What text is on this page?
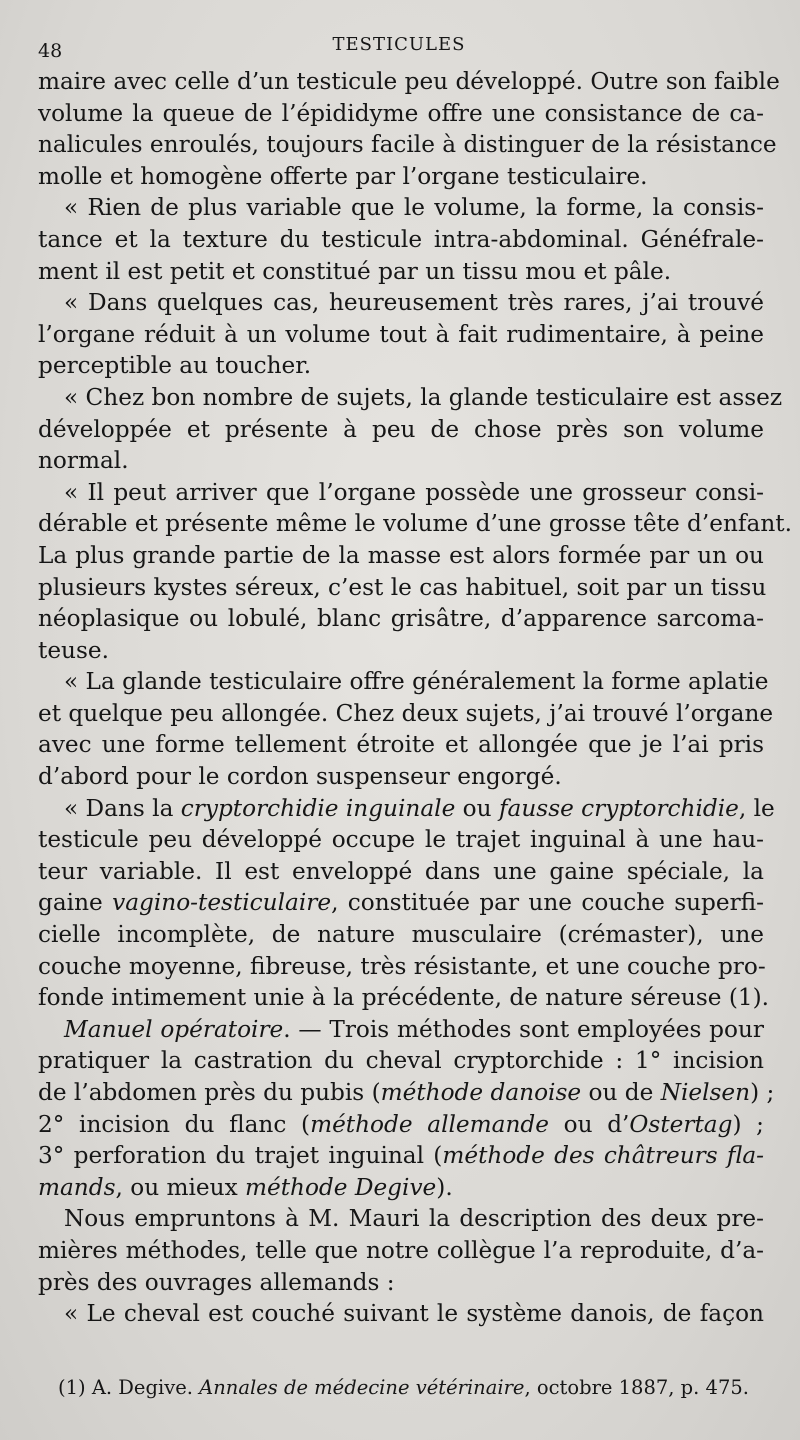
48	TESTICULES
maire avec celle d’un testicule peu développé. Outre son faible
volume la queue de l’épididyme offre une consistance de ca-
nalicules enroulés, toujours facile à distinguer de la résistance
molle et homogène offerte par l’organe testiculaire.
« Rien de plus variable que le volume, la forme, la consis-
tance et la texture du testicule intra-abdominal. Généfrale-
ment il est petit et constitué par un tissu mou et pâle.
« Dans quelques cas, heureusement très rares, j’ai trouvé
l’organe réduit à un volume tout à fait rudimentaire, à peine
perceptible au toucher.
« Chez bon nombre de sujets, la glande testiculaire est assez
développée et présente à peu de chose près son volume
normal.
« Il peut arriver que l’organe possède une grosseur consi-
dérable et présente même le volume d’une grosse tête d’enfant.
La plus grande partie de la masse est alors formée par un ou
plusieurs kystes séreux, c’est le cas habituel, soit par un tissu
néoplasique ou lobulé, blanc grisâtre, d’apparence sarcoma-
teuse.
« La glande testiculaire offre généralement la forme aplatie
et quelque peu allongée. Chez deux sujets, j’ai trouvé l’organe
avec une forme tellement étroite et allongée que je l’ai pris
d’abord pour le cordon suspenseur engorgé.
« Dans la cryptorchidie inguinale ou fausse cryptorchidie, le
testicule peu développé occupe le trajet inguinal à une hau-
teur variable. Il est enveloppé dans une gaine spéciale, la
gaine vagino-testiculaire, constituée par une couche superfi-
cielle incomplète, de nature musculaire (crémaster), une
couche moyenne, fibreuse, très résistante, et une couche pro-
fonde intimement unie à la précédente, de nature séreuse (1).
Manuel opératoire. — Trois méthodes sont employées pour
pratiquer la castration du cheval cryptorchide : 1° incision
de l’abdomen près du pubis (méthode danoise ou de Nielsen) ;
2° incision du flanc (méthode allemande ou d’Ostertag) ;
3° perforation du trajet inguinal (méthode des châtreurs fla-
mands, ou mieux méthode Degive).
Nous empruntons à M. Mauri la description des deux pre-
mières méthodes, telle que notre collègue l’a reproduite, d’a-
près des ouvrages allemands :
« Le cheval est couché suivant le système danois, de façon
(1) A. Degive. Annales de médecine vétérinaire, octobre 1887, p. 475.
